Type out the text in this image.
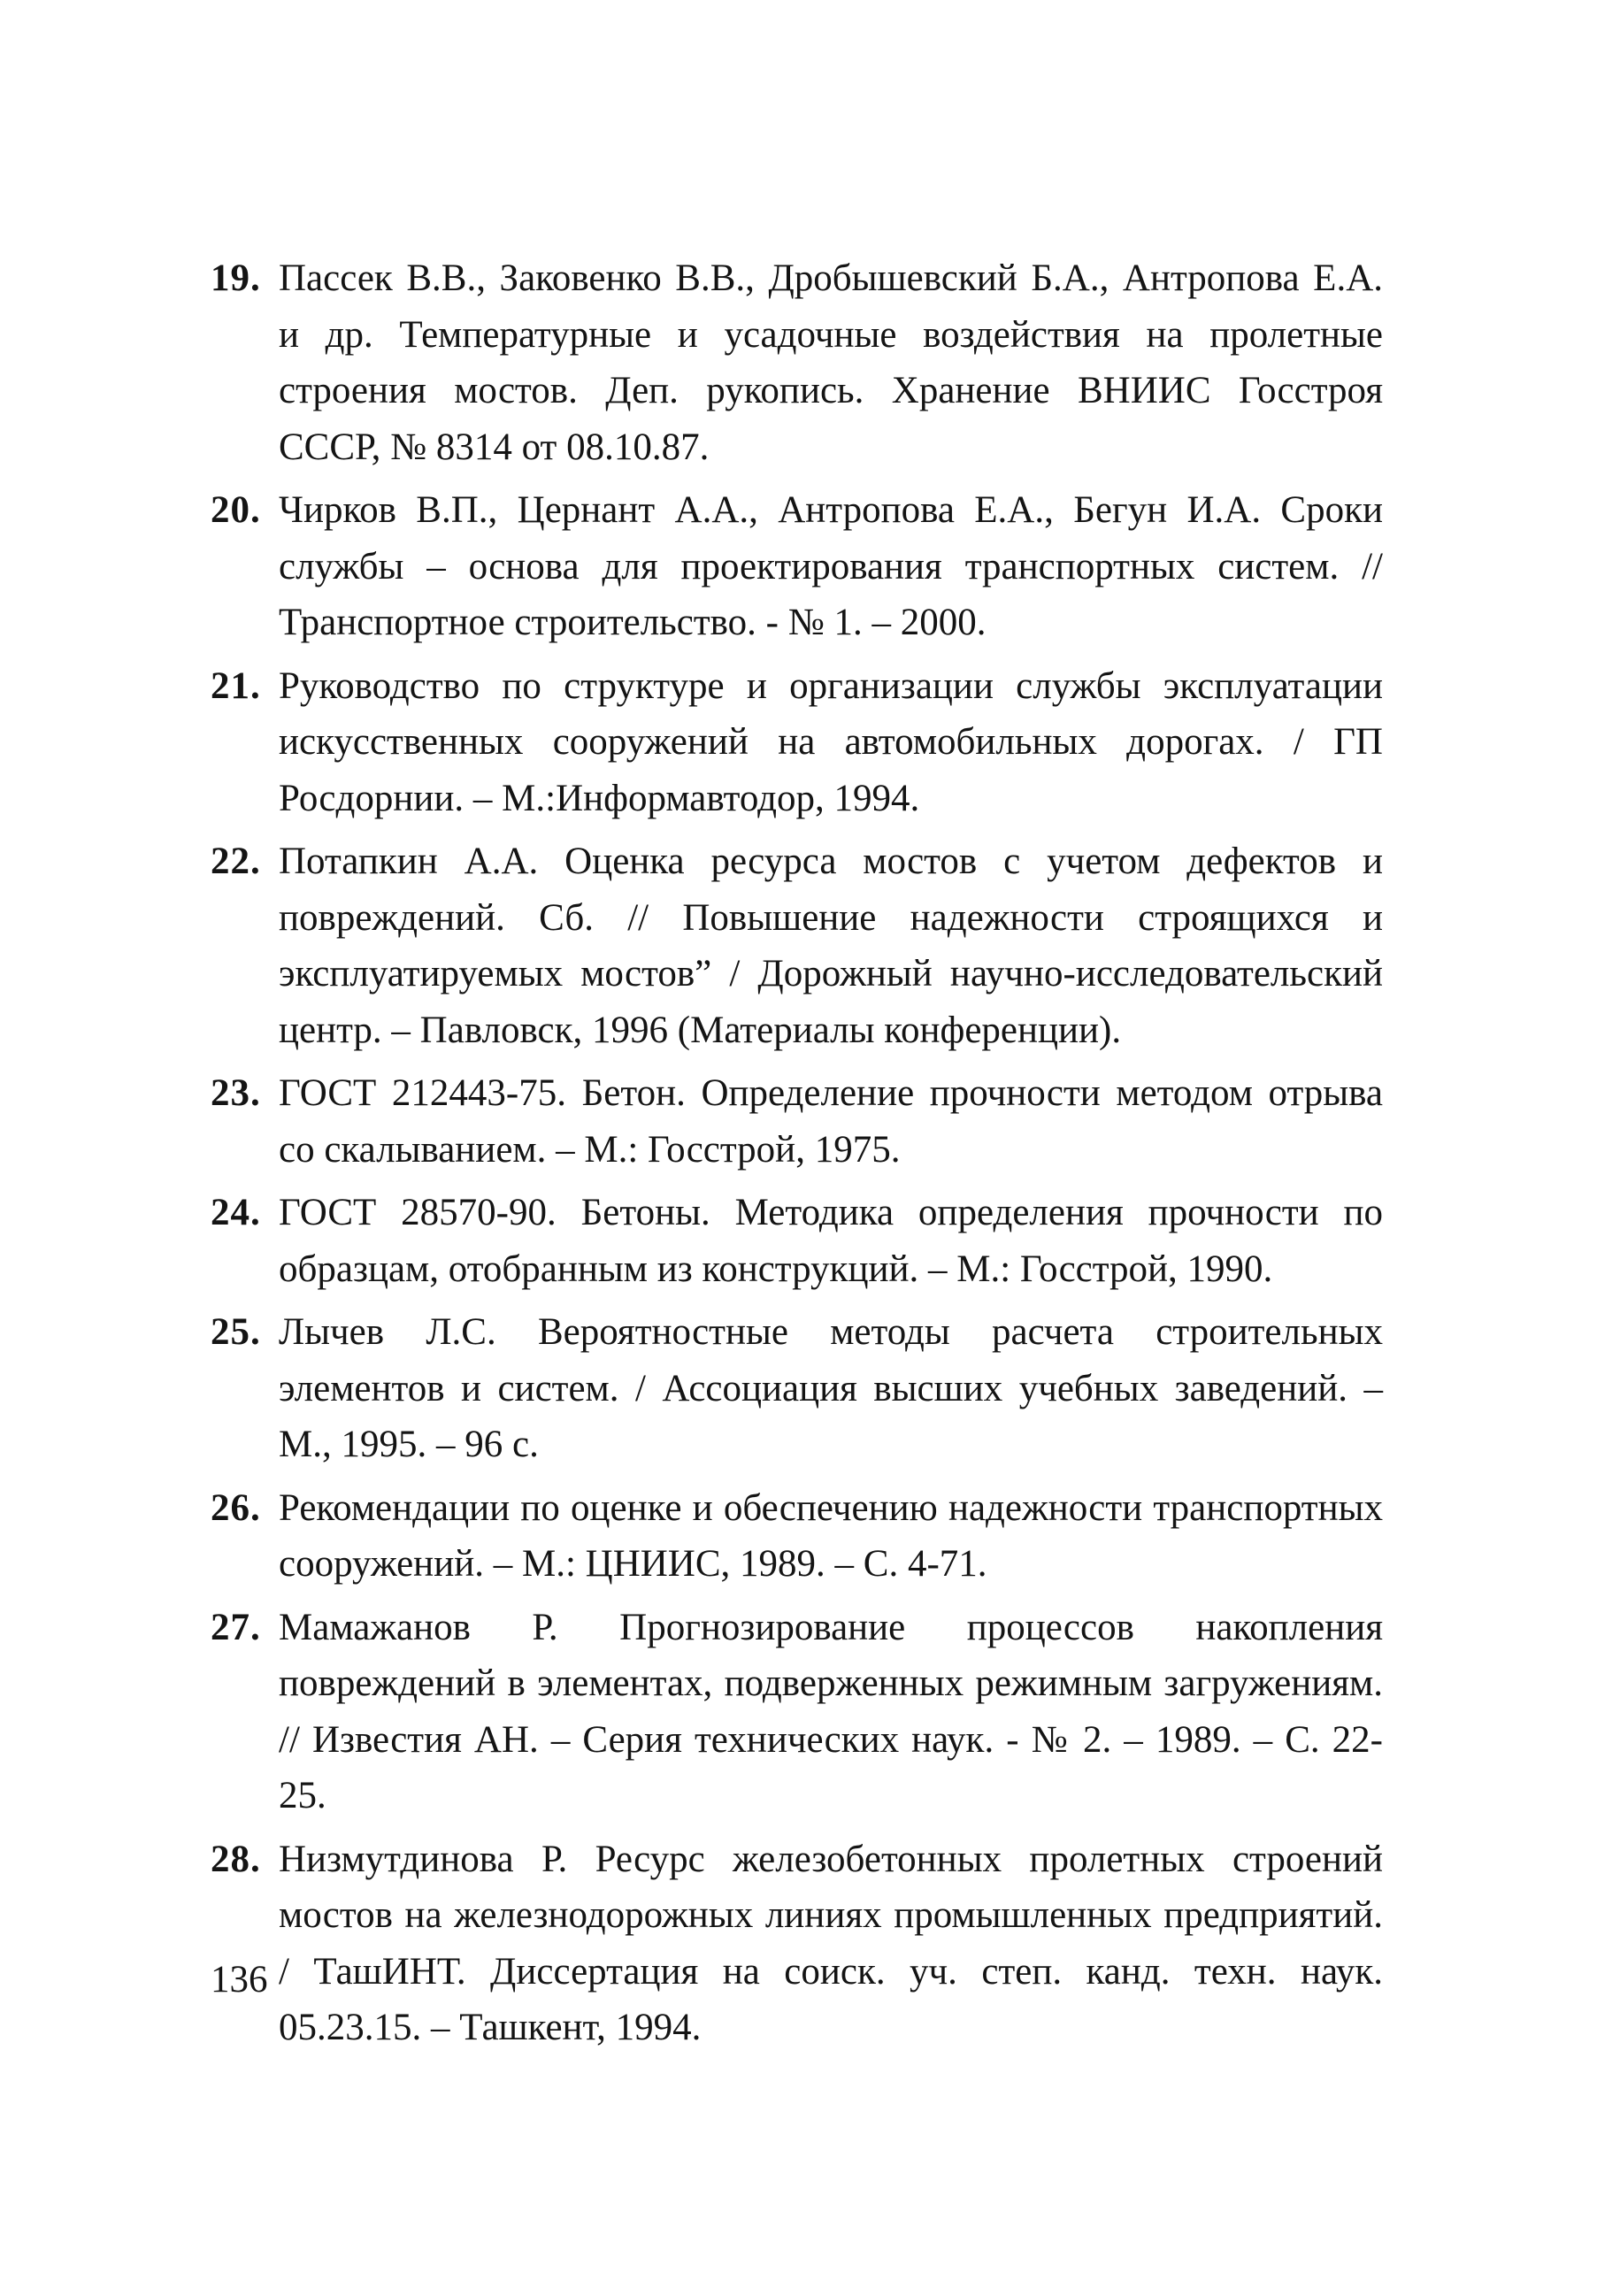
19. Пассек В.В., Заковенко В.В., Дробышевский Б.А., Антропова Е.А. и др. Температурные и усадочные воздействия на пролетные строения мостов. Деп. рукопись. Хранение ВНИИС Госстроя СССР, № 8314 от 08.10.87.
20. Чирков В.П., Цернант А.А., Антропова Е.А., Бегун И.А. Сроки службы – основа для проектирования транспортных систем. // Транспортное строительство. - № 1. – 2000.
21. Руководство по структуре и организации службы эксплуатации искусственных сооружений на автомобильных дорогах. / ГП Росдорнии. – М.:Информавтодор, 1994.
22. Потапкин А.А. Оценка ресурса мостов с учетом дефектов и повреждений. Сб. // Повышение надежности строящихся и эксплуатируемых мостов” / Дорожный научно-исследовательский центр. – Павловск, 1996 (Материалы конференции).
23. ГОСТ 212443-75. Бетон. Определение прочности методом отрыва со скалыванием. – М.: Госстрой, 1975.
24. ГОСТ 28570-90. Бетоны. Методика определения прочности по образцам, отобранным из конструкций. – М.: Госстрой, 1990.
25. Лычев Л.С. Вероятностные методы расчета строительных элементов и систем. / Ассоциация высших учебных заведений. – М., 1995. – 96 с.
26. Рекомендации по оценке и обеспечению надежности транспортных сооружений. – М.: ЦНИИС, 1989. – С. 4-71.
27. Мамажанов Р. Прогнозирование процессов накопления повреждений в элементах, подверженных режимным загружениям. // Известия АН. – Серия технических наук. - № 2. – 1989. – С. 22-25.
28. Низмутдинова Р. Ресурс железобетонных пролетных строений мостов на железнодорожных линиях промышленных предприятий. / ТашИНТ. Диссертация на соиск. уч. степ. канд. техн. наук. 05.23.15. – Ташкент, 1994.
136
